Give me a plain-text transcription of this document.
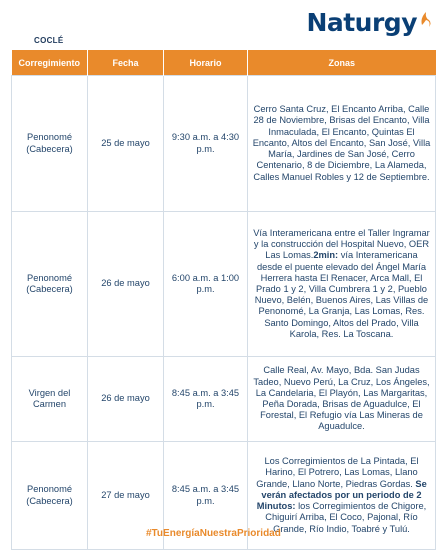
Naturgy
COCLÉ
Corregimiento	Fecha	Horario	Zonas
Penonomé (Cabecera)	25 de mayo	9:30 a.m. a 4:30 p.m.	Cerro Santa Cruz, El Encanto Arriba, Calle 28 de Noviembre, Brisas del Encanto, Villa Inmaculada, El Encanto, Quintas El Encanto, Altos del Encanto, San José, Villa María, Jardines de San José, Cerro Centenario, 8 de Diciembre, La Alameda, Calles Manuel Robles y 12 de Septiembre.
Penonomé (Cabecera)	26 de mayo	6:00 a.m. a 1:00 p.m.	Vía Interamericana entre el Taller Ingramar y la construcción del Hospital Nuevo, OER Las Lomas.2min: vía Interamericana desde el puente elevado del Ángel María Herrera hasta El Renacer, Arca Mall, El Prado 1 y 2, Villa Cumbrera 1 y 2, Pueblo Nuevo, Belén, Buenos Aires, Las Villas de Penonomé, La Granja, Las Lomas, Res. Santo Domingo, Altos del Prado, Villa Karola, Res. La Toscana.
Virgen del Carmen	26 de mayo	8:45 a.m. a 3:45 p.m.	Calle Real, Av. Mayo, Bda. San Judas Tadeo, Nuevo Perú, La Cruz, Los Ángeles, La Candelaria, El Playón, Las Margaritas, Peña Dorada, Brisas de Aguadulce, El Forestal, El Refugio vía Las Mineras de Aguadulce.
Penonomé (Cabecera)	27 de mayo	8:45 a.m. a 3:45 p.m.	Los Corregimientos de La Pintada, El Harino, El Potrero, Las Lomas, Llano Grande, Llano Norte, Piedras Gordas. Se verán afectados por un periodo de 2 Minutos: los Corregimientos de Chigore, Chiguirí Arriba, El Coco, Pajonal, Río Grande, Río Indio, Toabré y Tulú.
#TuEnergíaNuestraPrioridad
